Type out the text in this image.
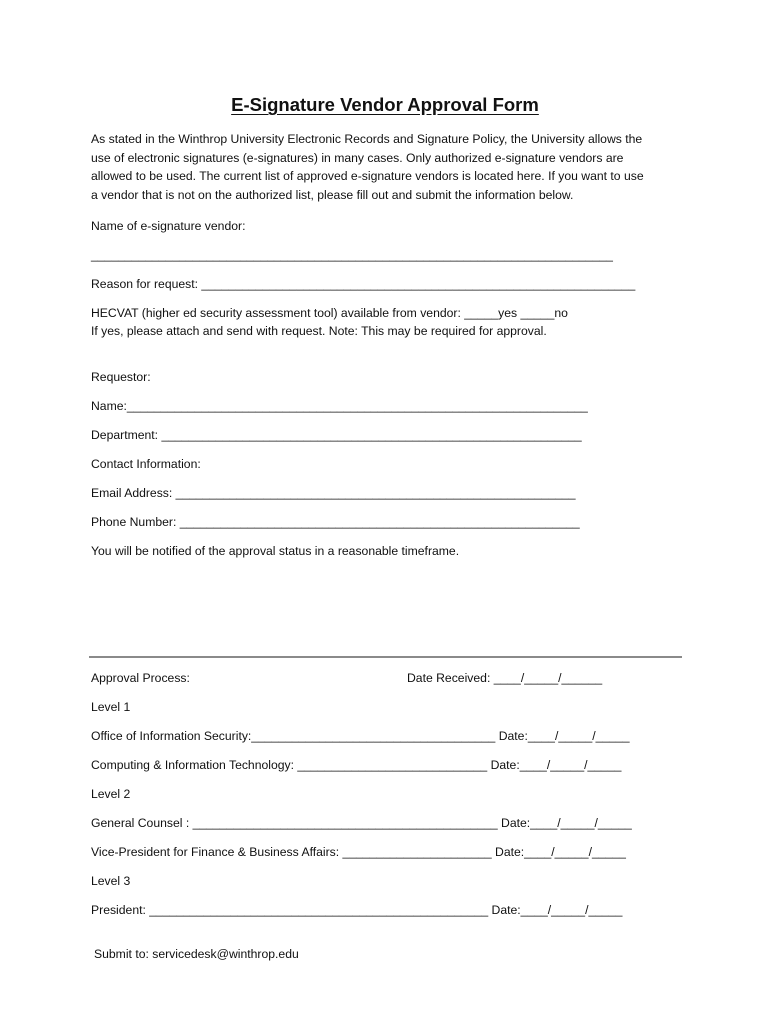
E-Signature Vendor Approval Form
As stated in the Winthrop University Electronic Records and Signature Policy, the University allows the
use of electronic signatures (e-signatures) in many cases. Only authorized e-signature vendors are
allowed to be used. The current list of approved e-signature vendors is located here. If you want to use
a vendor that is not on the authorized list, please fill out and submit the information below.
Name of e-signature vendor:
_____________________________________________________________________________
Reason for request: ________________________________________________________________
HECVAT (higher ed security assessment tool) available from vendor: _____yes _____no
If yes, please attach and send with request. Note: This may be required for approval.
Requestor:
Name:____________________________________________________________________
Department: ______________________________________________________________
Contact Information:
Email Address: ___________________________________________________________
Phone Number: ___________________________________________________________
You will be notified of the approval status in a reasonable timeframe.
Approval Process:	Date Received: ____/_____/______
Level 1
Office of Information Security:____________________________________ Date:____/_____/_____
Computing & Information Technology: ____________________________ Date:____/_____/_____
Level 2
General Counsel : _____________________________________________ Date:____/_____/_____
Vice-President for Finance & Business Affairs: ______________________ Date:____/_____/_____
Level 3
President: __________________________________________________ Date:____/_____/_____
Submit to: servicedesk@winthrop.edu
